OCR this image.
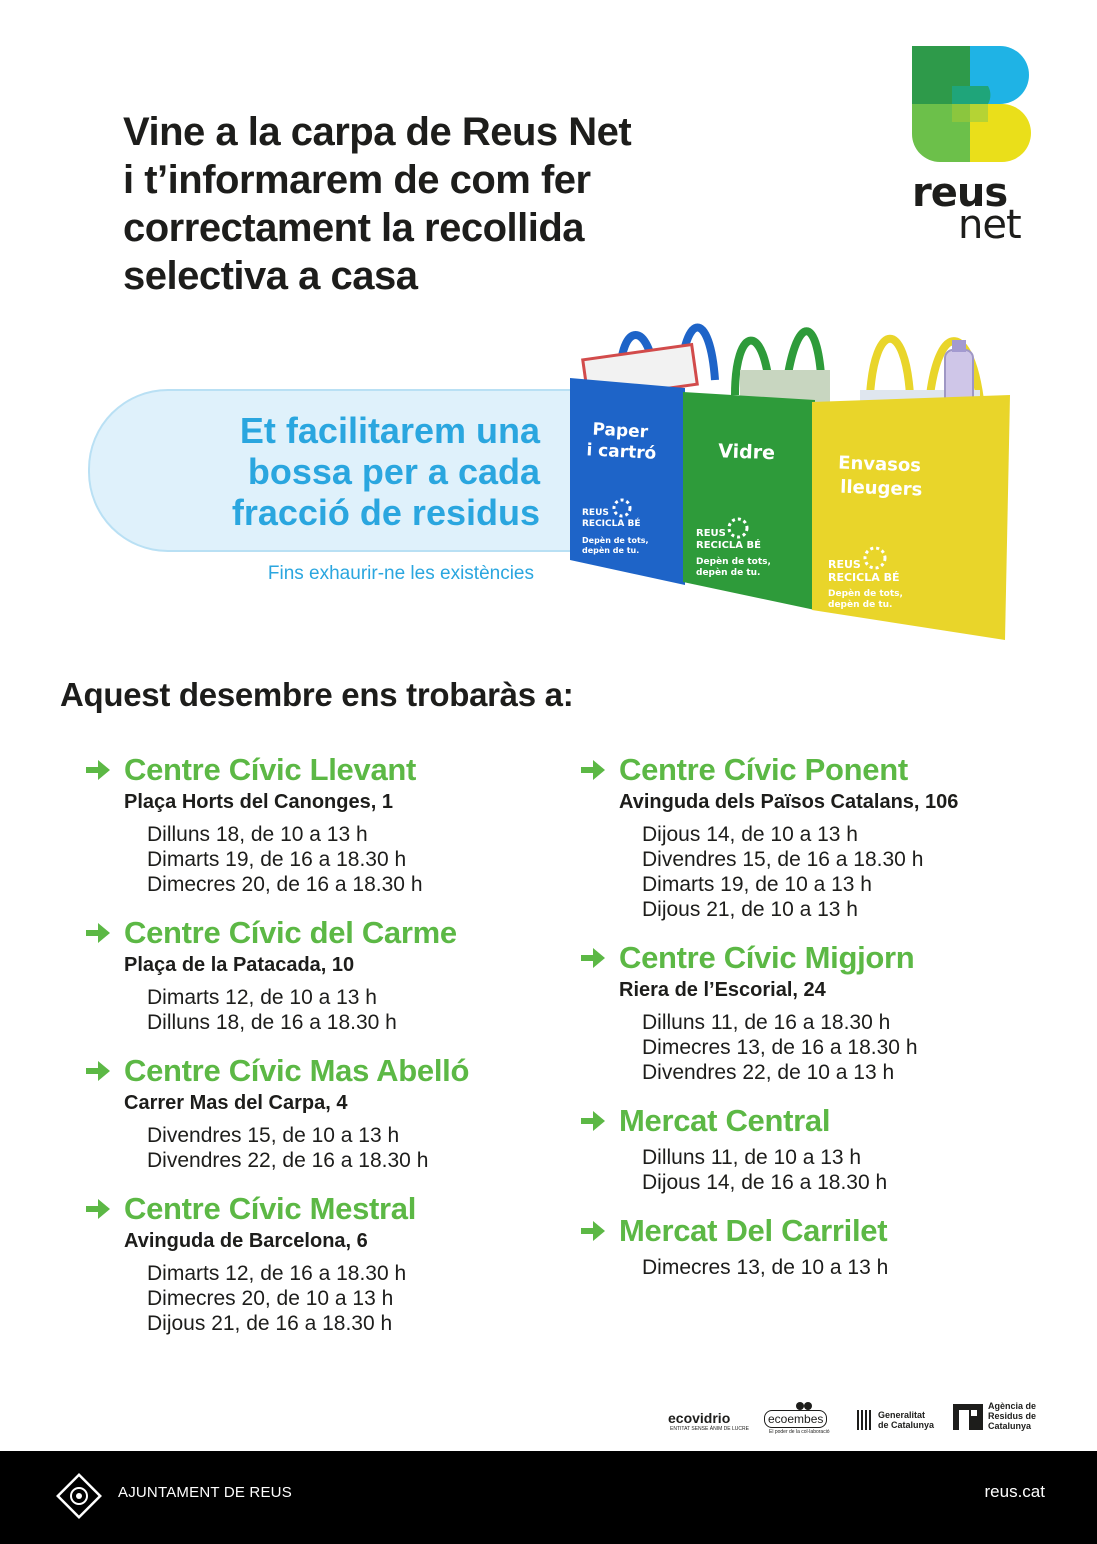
Vine a la carpa de Reus Net
i t’informarem de com fer
correctament la recollida
selectiva a casa
reus
net
Et facilitarem una
bossa per a cada
fracció de residus
Fins exhaurir-ne les existències
Paper
i cartró	Vidre
Envasos
lleugers
REUS
RECICLA BÉ
Depèn de tots,
depèn de tu.
REUS
RECICLA BÉ
Depèn de tots,
depèn de tu.
REUS
RECICLA BÉ
Depèn de tots,
depèn de tu.
Aquest desembre ens trobaràs a:
Centre Cívic Llevant
Plaça Horts del Canonges, 1
Dilluns 18, de 10 a 13 h
Dimarts 19, de 16 a 18.30 h
Dimecres 20, de 16 a 18.30 h
Centre Cívic del Carme
Plaça de la Patacada, 10
Dimarts 12, de 10 a 13 h
Dilluns 18, de 16 a 18.30 h
Centre Cívic Mas Abelló
Carrer Mas del Carpa, 4
Divendres 15, de 10 a 13 h
Divendres 22, de 16 a 18.30 h
Centre Cívic Mestral
Avinguda de Barcelona, 6
Dimarts 12, de 16 a 18.30 h
Dimecres 20, de 10 a 13 h
Dijous 21, de 16 a 18.30 h
Centre Cívic Ponent
Avinguda dels Països Catalans, 106
Dijous 14, de 10 a 13 h
Divendres 15, de 16 a 18.30 h
Dimarts 19, de 10 a 13 h
Dijous 21, de 10 a 13 h
Centre Cívic Migjorn
Riera de l’Escorial, 24
Dilluns 11, de 16 a 18.30 h
Dimecres 13, de 16 a 18.30 h
Divendres 22, de 10 a 13 h
Mercat Central
Dilluns 11, de 10 a 13 h
Dijous 14, de 16 a 18.30 h
Mercat Del Carrilet
Dimecres 13, de 10 a 13 h
ecovidrio
ENTITAT SENSE ÀNIM DE LUCRE
ecoembes
El poder de la col·laboració
Generalitat
de Catalunya
Agència de
Residus de
Catalunya
AJUNTAMENT DE REUS	reus.cat
